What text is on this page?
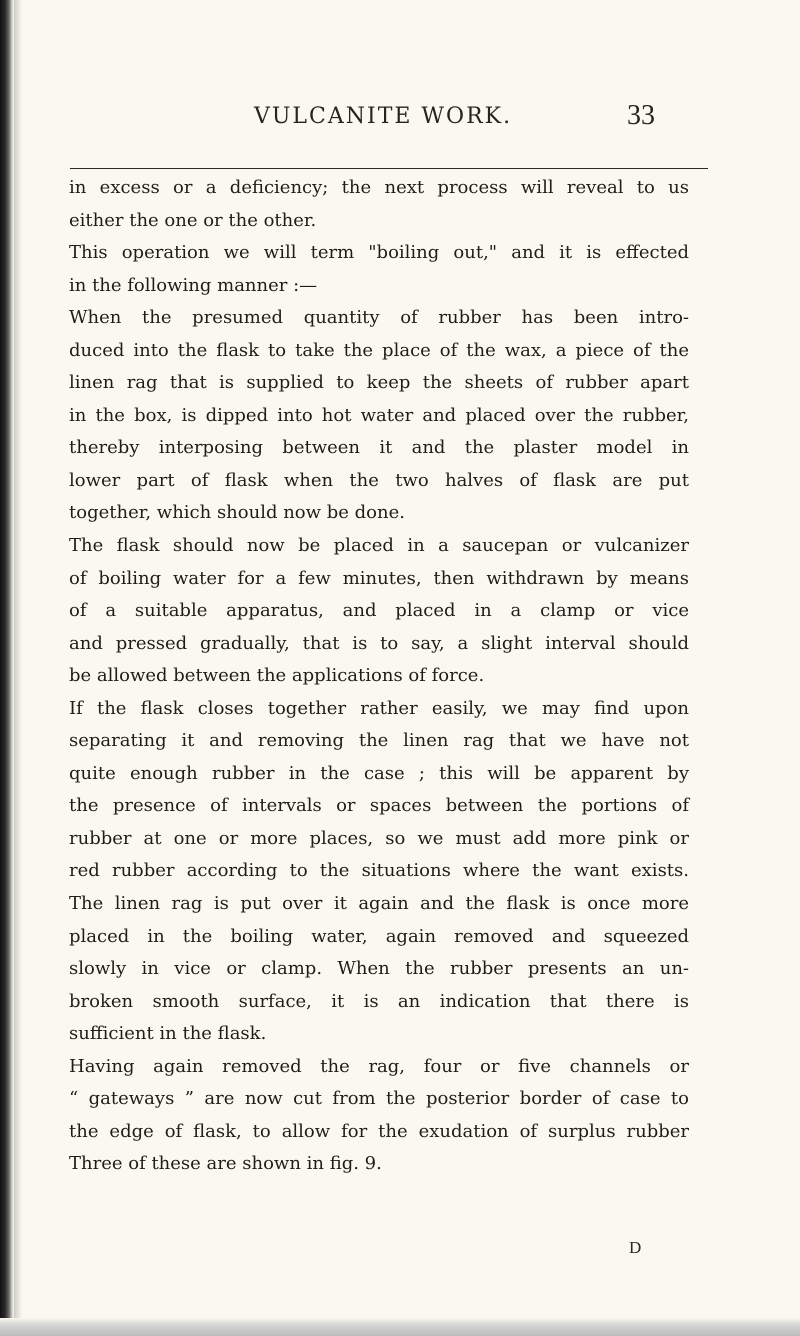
VULCANITE WORK.	33
in excess or a deficiency; the next process will reveal to us
either the one or the other.
This operation we will term "boiling out," and it is effected
in the following manner :—
When the presumed quantity of rubber has been intro-
duced into the flask to take the place of the wax, a piece of the
linen rag that is supplied to keep the sheets of rubber apart
in the box, is dipped into hot water and placed over the rubber,
thereby interposing between it and the plaster model in
lower part of flask when the two halves of flask are put
together, which should now be done.
The flask should now be placed in a saucepan or vulcanizer
of boiling water for a few minutes, then withdrawn by means
of a suitable apparatus, and placed in a clamp or vice
and pressed gradually, that is to say, a slight interval should
be allowed between the applications of force.
If the flask closes together rather easily, we may find upon
separating it and removing the linen rag that we have not
quite enough rubber in the case ; this will be apparent by
the presence of intervals or spaces between the portions of
rubber at one or more places, so we must add more pink or
red rubber according to the situations where the want exists.
The linen rag is put over it again and the flask is once more
placed in the boiling water, again removed and squeezed
slowly in vice or clamp. When the rubber presents an un-
broken smooth surface, it is an indication that there is
sufficient in the flask.
Having again removed the rag, four or five channels or
“ gateways ” are now cut from the posterior border of case to
the edge of flask, to allow for the exudation of surplus rubber
Three of these are shown in fig. 9.
D
